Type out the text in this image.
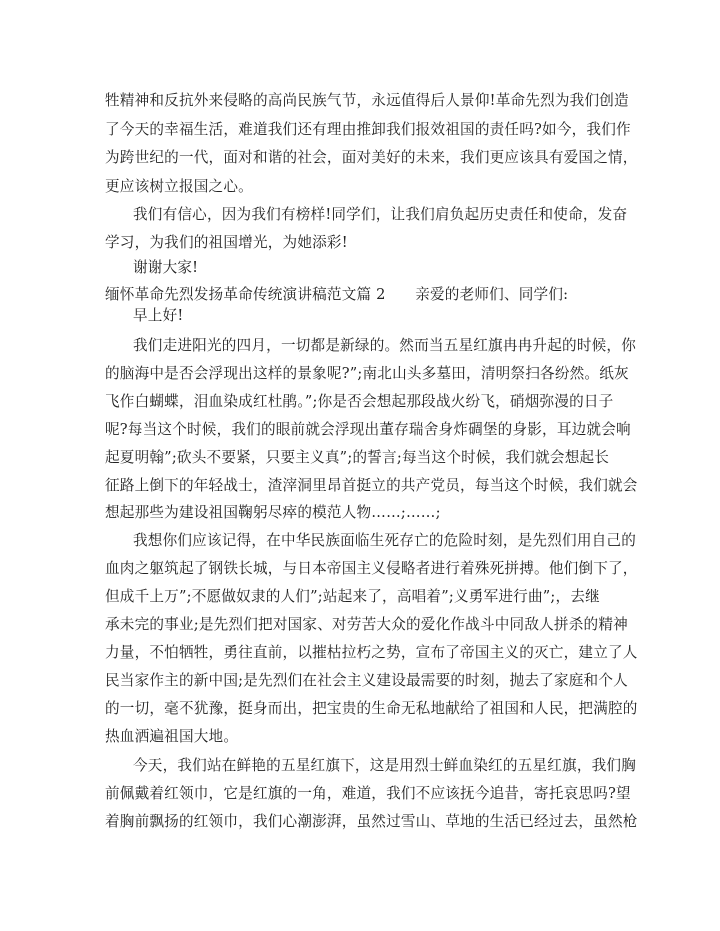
牲精神和反抗外来侵略的高尚民族气节，永远值得后人景仰!革命先烈为我们创造
了今天的幸福生活，难道我们还有理由推卸我们报效祖国的责任吗?如今，我们作
为跨世纪的一代，面对和谐的社会，面对美好的未来，我们更应该具有爱国之情，
更应该树立报国之心。
我们有信心，因为我们有榜样!同学们，让我们肩负起历史责任和使命，发奋
学习，为我们的祖国增光，为她添彩!
谢谢大家!
缅怀革命先烈发扬革命传统演讲稿范文篇 2　　亲爱的老师们、同学们:
早上好!
我们走进阳光的四月，一切都是新绿的。然而当五星红旗冉冉升起的时候，你
的脑海中是否会浮现出这样的景象呢?”;南北山头多墓田，清明祭扫各纷然。纸灰
飞作白蝴蝶，泪血染成红杜鹃。”;你是否会想起那段战火纷飞，硝烟弥漫的日子
呢?每当这个时候，我们的眼前就会浮现出董存瑞舍身炸碉堡的身影，耳边就会响
起夏明翰”;砍头不要紧，只要主义真”;的誓言;每当这个时候，我们就会想起长
征路上倒下的年轻战士，渣滓洞里昂首挺立的共产党员，每当这个时候，我们就会
想起那些为建设祖国鞠躬尽瘁的模范人物……;……;
我想你们应该记得，在中华民族面临生死存亡的危险时刻，是先烈们用自己的
血肉之躯筑起了钢铁长城，与日本帝国主义侵略者进行着殊死拼搏。他们倒下了，
但成千上万”;不愿做奴隶的人们”;站起来了，高唱着”;义勇军进行曲”;，去继
承未完的事业;是先烈们把对国家、对劳苦大众的爱化作战斗中同敌人拼杀的精神
力量，不怕牺牲，勇往直前，以摧枯拉朽之势，宣布了帝国主义的灭亡，建立了人
民当家作主的新中国;是先烈们在社会主义建设最需要的时刻，抛去了家庭和个人
的一切，毫不犹豫，挺身而出，把宝贵的生命无私地献给了祖国和人民，把满腔的
热血洒遍祖国大地。
今天，我们站在鲜艳的五星红旗下，这是用烈士鲜血染红的五星红旗，我们胸
前佩戴着红领巾，它是红旗的一角，难道，我们不应该抚今追昔，寄托哀思吗?望
着胸前飘扬的红领巾，我们心潮澎湃，虽然过雪山、草地的生活已经过去，虽然枪
